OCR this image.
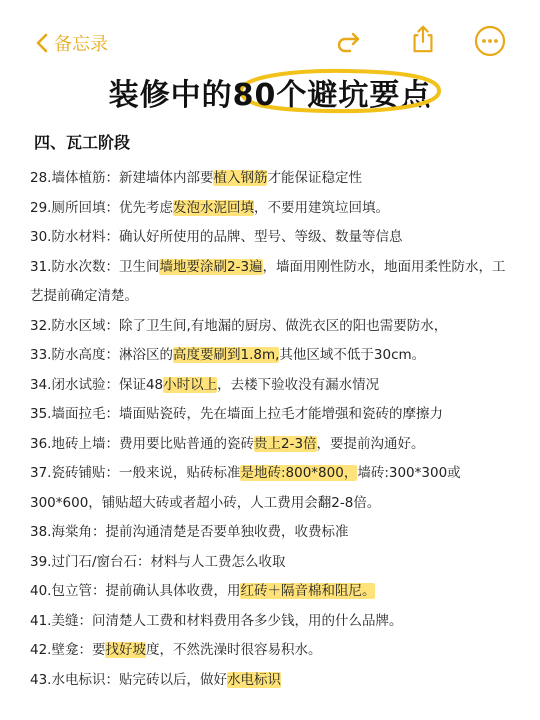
备忘录
装修中的80个避坑要点
四、瓦工阶段
28.墙体植筋：新建墙体内部要植入钢筋才能保证稳定性
29.厕所回填：优先考虑发泡水泥回填，不要用建筑垃回填。
30.防水材料：确认好所使用的品牌、型号、等级、数量等信息
31.防水次数：卫生间墙地要涂刷2-3遍，墙面用刚性防水，地面用柔性防水，工艺提前确定清楚。
32.防水区域：除了卫生间,有地漏的厨房、做洗衣区的阳也需要防水，
33.防水高度：淋浴区的高度要刷到1.8m,其他区域不低于30cm。
34.闭水试验：保证48小时以上，去楼下验收没有漏水情况
35.墙面拉毛：墙面贴瓷砖，先在墙面上拉毛才能增强和瓷砖的摩擦力
36.地砖上墙：费用要比贴普通的瓷砖贵上2-3倍，要提前沟通好。
37.瓷砖铺贴：一般来说，贴砖标准是地砖:800*800，墙砖:300*300或300*600，铺贴超大砖或者超小砖，人工费用会翻2-8倍。
38.海棠角：提前沟通清楚是否要单独收费，收费标准
39.过门石/窗台石：材料与人工费怎么收取
40.包立管：提前确认具体收费，用红砖＋隔音棉和阻尼。
41.美缝：问清楚人工费和材料费用各多少钱，用的什么品牌。
42.壁龛：要找好坡度，不然洗澡时很容易积水。
43.水电标识：贴完砖以后，做好水电标识
